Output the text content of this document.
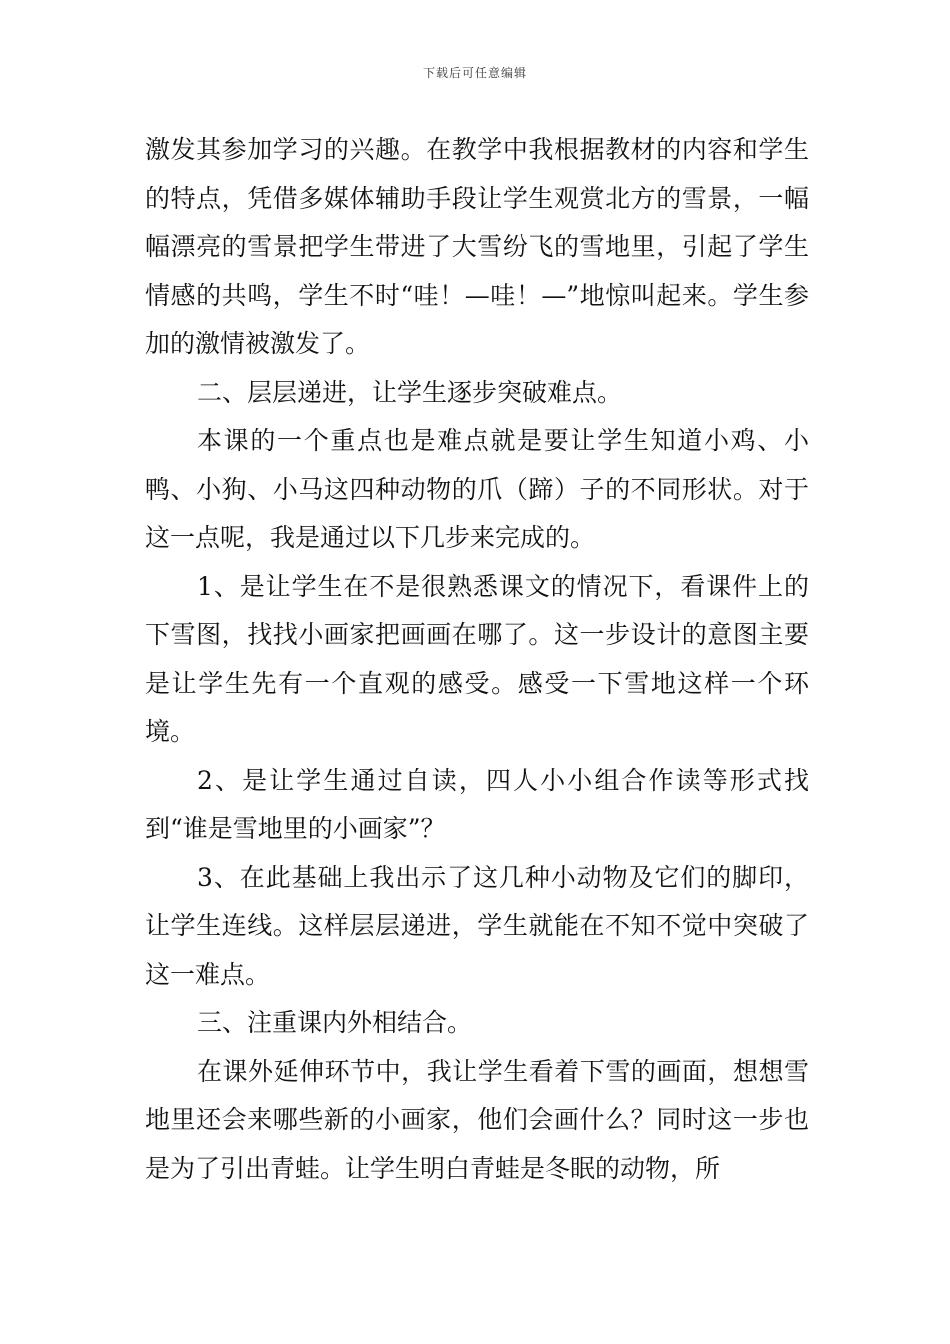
下载后可任意编辑

激发其参加学习的兴趣。在教学中我根据教材的内容和学生的特点，凭借多媒体辅助手段让学生观赏北方的雪景，一幅幅漂亮的雪景把学生带进了大雪纷飞的雪地里，引起了学生情感的共鸣，学生不时“哇！—哇！—”地惊叫起来。学生参加的激情被激发了。

二、层层递进，让学生逐步突破难点。

本课的一个重点也是难点就是要让学生知道小鸡、小鸭、小狗、小马这四种动物的爪（蹄）子的不同形状。对于这一点呢，我是通过以下几步来完成的。

1、是让学生在不是很熟悉课文的情况下，看课件上的下雪图，找找小画家把画画在哪了。这一步设计的意图主要是让学生先有一个直观的感受。感受一下雪地这样一个环境。

2、是让学生通过自读，四人小小组合作读等形式找到“谁是雪地里的小画家”？

3、在此基础上我出示了这几种小动物及它们的脚印，让学生连线。这样层层递进，学生就能在不知不觉中突破了这一难点。

三、注重课内外相结合。

在课外延伸环节中，我让学生看着下雪的画面，想想雪地里还会来哪些新的小画家，他们会画什么？同时这一步也是为了引出青蛙。让学生明白青蛙是冬眠的动物，所
